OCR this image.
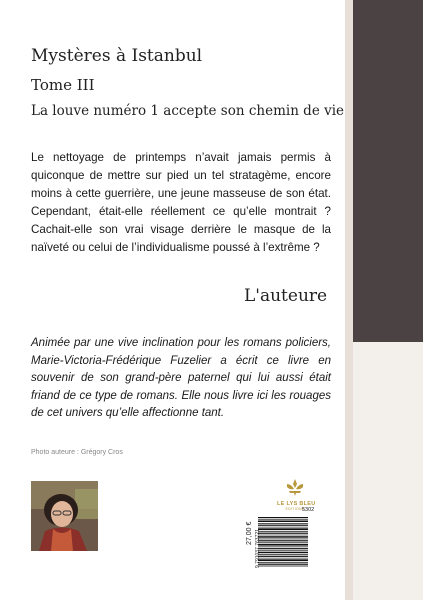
Mystères à Istanbul
Tome III
La louve numéro 1 accepte son chemin de vie
Le nettoyage de printemps n’avait jamais permis à quiconque de mettre sur pied un tel stratagème, encore moins à cette guerrière, une jeune masseuse de son état. Cependant, était-elle réellement ce qu’elle montrait ? Cachait-elle son vrai visage derrière le masque de la naïveté ou celui de l’individualisme poussé à l’extrême ?
L'auteure
Animée par une vive inclination pour les romans policiers, Marie-Victoria-Frédérique Fuzelier a écrit ce livre en souvenir de son grand-père paternel qui lui aussi était friand de ce type de romans. Elle nous livre ici les rouages de cet univers qu’elle affectionne tant.
Photo auteure : Grégory Cros
LE LYS BLEU
ÉDITIONS
5302
27,00 € 9 791037 763721
